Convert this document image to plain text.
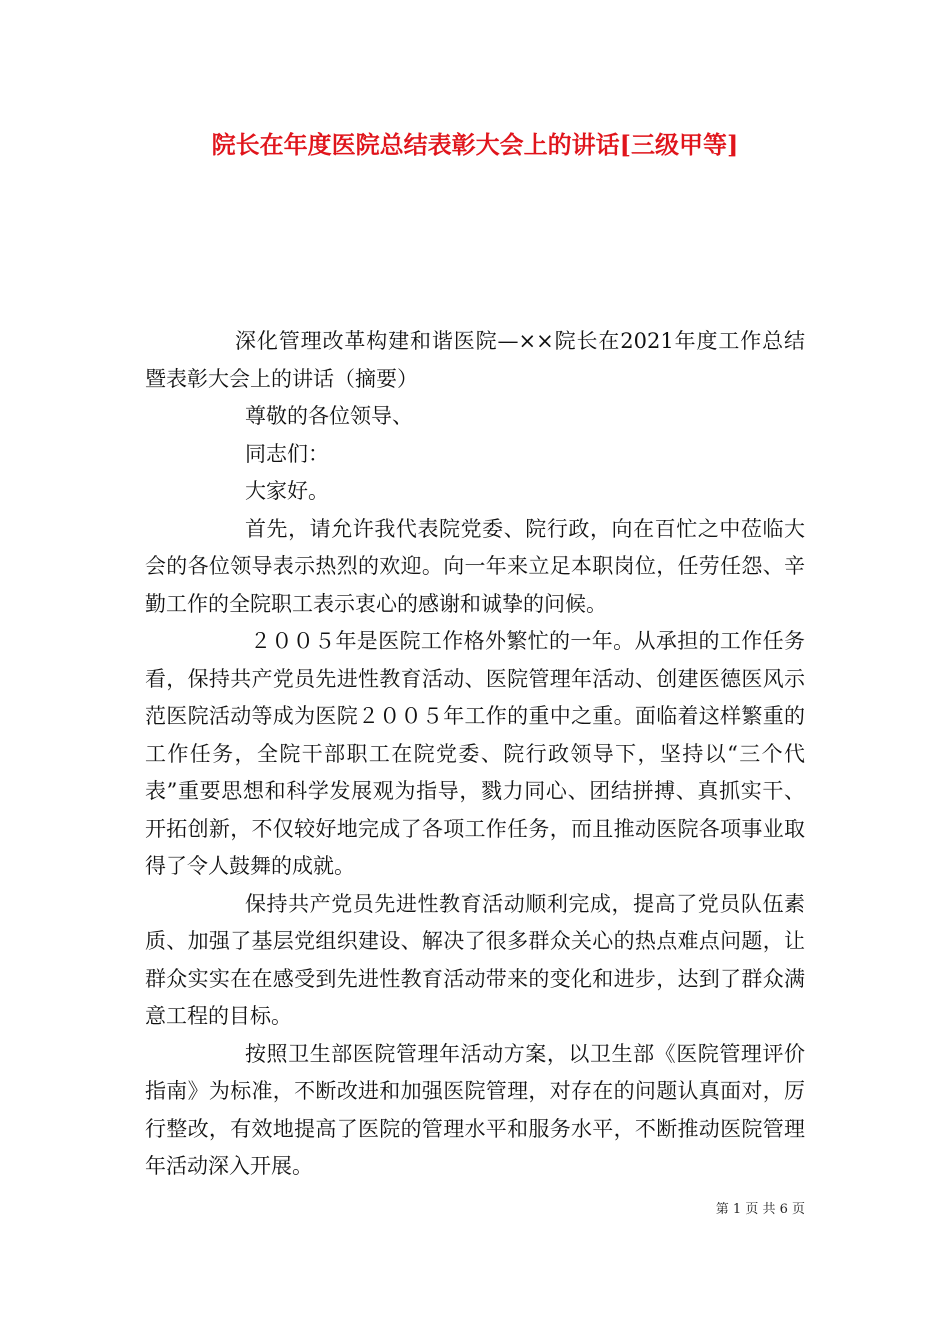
院长在年度医院总结表彰大会上的讲话[三级甲等]

深化管理改革构建和谐医院—××院长在2021年度工作总结暨表彰大会上的讲话（摘要）

尊敬的各位领导、

同志们：

大家好。

首先，请允许我代表院党委、院行政，向在百忙之中莅临大会的各位领导表示热烈的欢迎。向一年来立足本职岗位，任劳任怨、辛勤工作的全院职工表示衷心的感谢和诚挚的问候。

２００５年是医院工作格外繁忙的一年。从承担的工作任务看，保持共产党员先进性教育活动、医院管理年活动、创建医德医风示范医院活动等成为医院２００５年工作的重中之重。面临着这样繁重的工作任务，全院干部职工在院党委、院行政领导下，坚持以“三个代表”重要思想和科学发展观为指导，戮力同心、团结拼搏、真抓实干、开拓创新，不仅较好地完成了各项工作任务，而且推动医院各项事业取得了令人鼓舞的成就。

保持共产党员先进性教育活动顺利完成，提高了党员队伍素质、加强了基层党组织建设、解决了很多群众关心的热点难点问题，让群众实实在在感受到先进性教育活动带来的变化和进步，达到了群众满意工程的目标。

按照卫生部医院管理年活动方案，以卫生部《医院管理评价指南》为标准，不断改进和加强医院管理，对存在的问题认真面对，厉行整改，有效地提高了医院的管理水平和服务水平，不断推动医院管理年活动深入开展。

第 1 页 共 6 页
